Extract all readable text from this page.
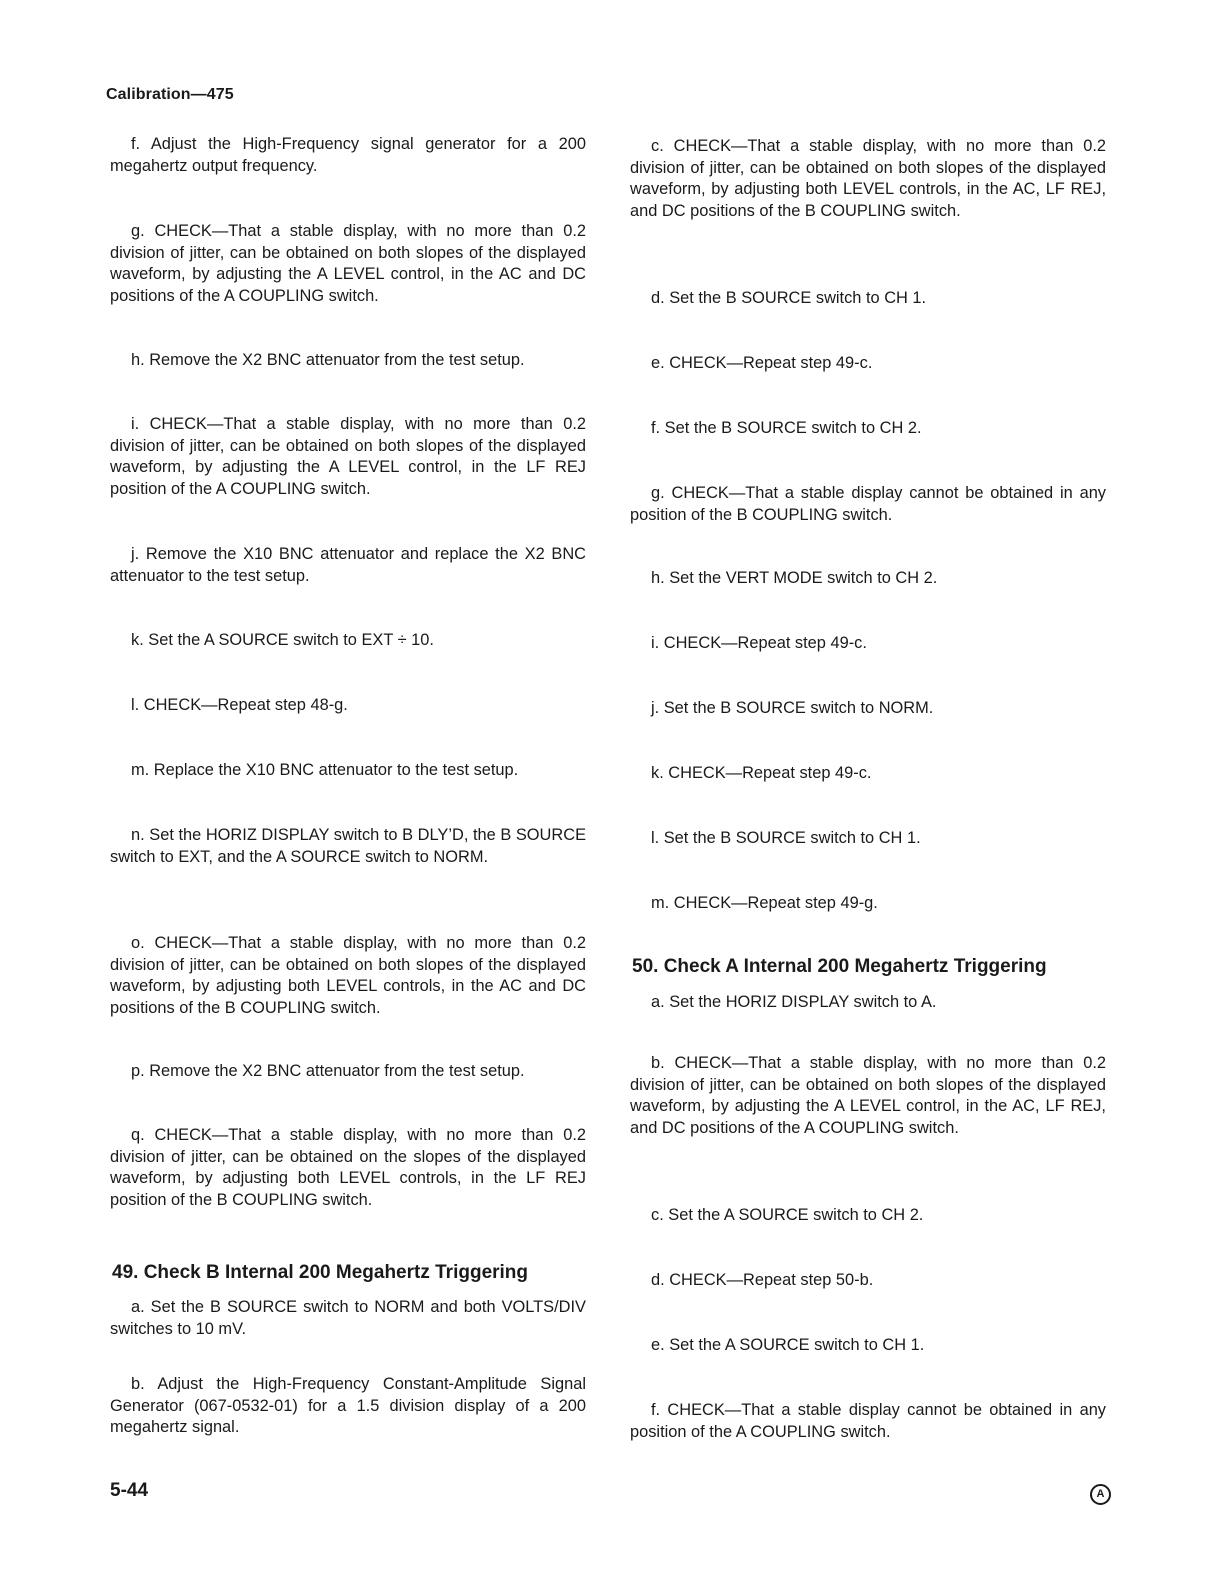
Calibration—475

f. Adjust the High-Frequency signal generator for a 200 megahertz output frequency.

g. CHECK—That a stable display, with no more than 0.2 division of jitter, can be obtained on both slopes of the displayed waveform, by adjusting the A LEVEL control, in the AC and DC positions of the A COUPLING switch.

h. Remove the X2 BNC attenuator from the test setup.

i. CHECK—That a stable display, with no more than 0.2 division of jitter, can be obtained on both slopes of the displayed waveform, by adjusting the A LEVEL control, in the LF REJ position of the A COUPLING switch.

j. Remove the X10 BNC attenuator and replace the X2 BNC attenuator to the test setup.

k. Set the A SOURCE switch to EXT ÷ 10.

l. CHECK—Repeat step 48-g.

m. Replace the X10 BNC attenuator to the test setup.

n. Set the HORIZ DISPLAY switch to B DLY’D, the B SOURCE switch to EXT, and the A SOURCE switch to NORM.

o. CHECK—That a stable display, with no more than 0.2 division of jitter, can be obtained on both slopes of the displayed waveform, by adjusting both LEVEL controls, in the AC and DC positions of the B COUPLING switch.

p. Remove the X2 BNC attenuator from the test setup.

q. CHECK—That a stable display, with no more than 0.2 division of jitter, can be obtained on the slopes of the displayed waveform, by adjusting both LEVEL controls, in the LF REJ position of the B COUPLING switch.

49. Check B Internal 200 Megahertz Triggering

a. Set the B SOURCE switch to NORM and both VOLTS/DIV switches to 10 mV.

b. Adjust the High-Frequency Constant-Amplitude Signal Generator (067-0532-01) for a 1.5 division display of a 200 megahertz signal.

c. CHECK—That a stable display, with no more than 0.2 division of jitter, can be obtained on both slopes of the displayed waveform, by adjusting both LEVEL controls, in the AC, LF REJ, and DC positions of the B COUPLING switch.

d. Set the B SOURCE switch to CH 1.

e. CHECK—Repeat step 49-c.

f. Set the B SOURCE switch to CH 2.

g. CHECK—That a stable display cannot be obtained in any position of the B COUPLING switch.

h. Set the VERT MODE switch to CH 2.

i. CHECK—Repeat step 49-c.

j. Set the B SOURCE switch to NORM.

k. CHECK—Repeat step 49-c.

l. Set the B SOURCE switch to CH 1.

m. CHECK—Repeat step 49-g.

50. Check A Internal 200 Megahertz Triggering

a. Set the HORIZ DISPLAY switch to A.

b. CHECK—That a stable display, with no more than 0.2 division of jitter, can be obtained on both slopes of the displayed waveform, by adjusting the A LEVEL control, in the AC, LF REJ, and DC positions of the A COUPLING switch.

c. Set the A SOURCE switch to CH 2.

d. CHECK—Repeat step 50-b.

e. Set the A SOURCE switch to CH 1.

f. CHECK—That a stable display cannot be obtained in any position of the A COUPLING switch.

5-44	A
